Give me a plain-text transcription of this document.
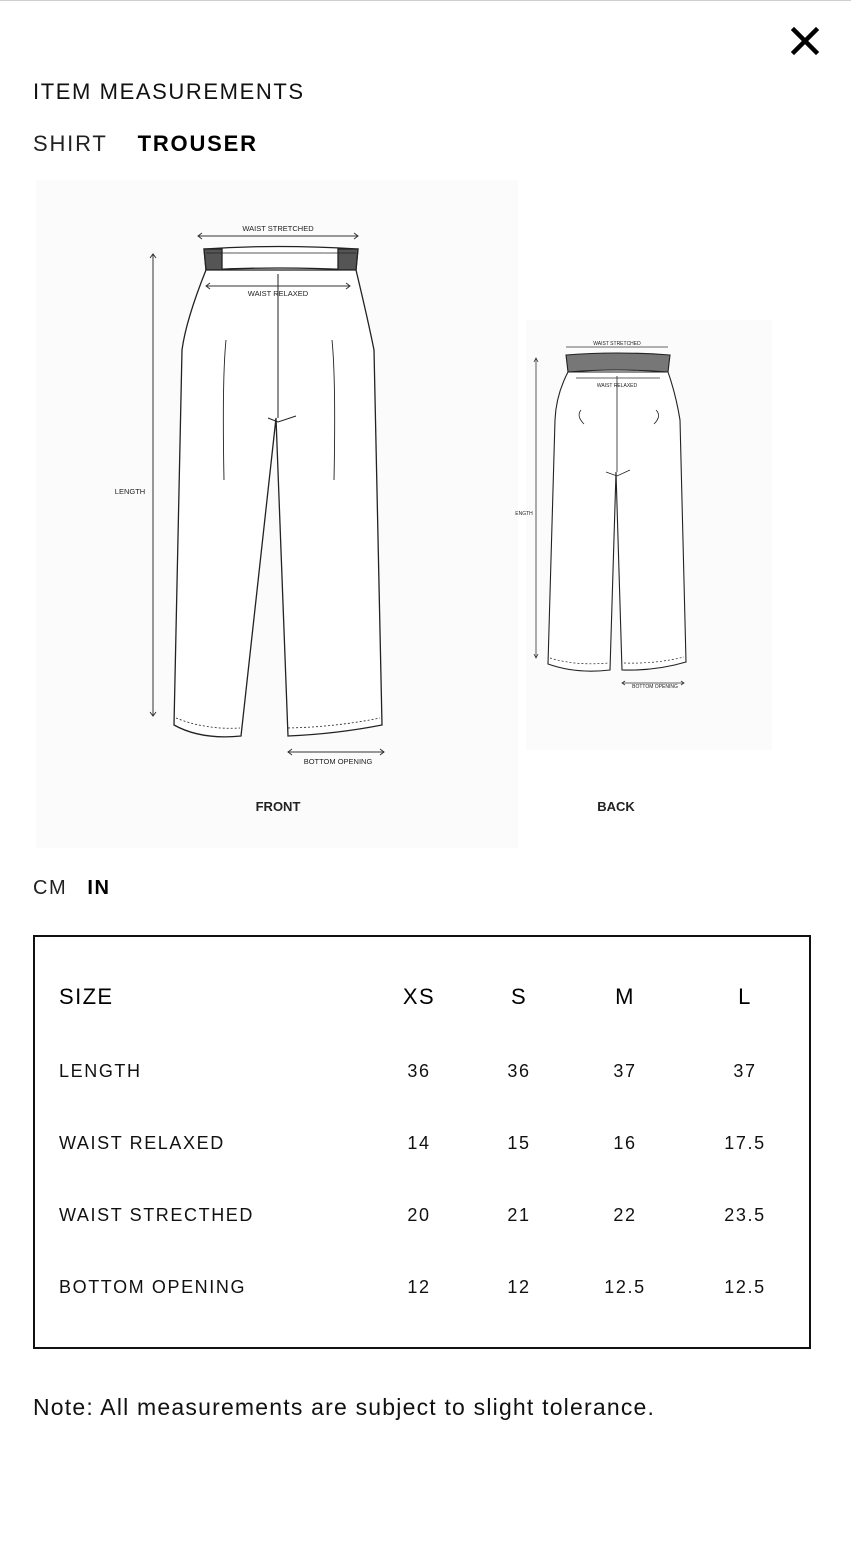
ITEM MEASUREMENTS
SHIRT TROUSER
WAIST STRETCHED
WAIST RELAXED
LENGTH
BOTTOM OPENING
FRONT
WAIST STRETCHED
WAIST RELAXED
ENGTH
BOTTOM OPENING
BACK
CM IN
SIZE	XS	S	M	L
LENGTH	36	36	37	37
WAIST RELAXED	14	15	16	17.5
WAIST STRECTHED	20	21	22	23.5
BOTTOM OPENING	12	12	12.5	12.5
Note: All measurements are subject to slight tolerance.
